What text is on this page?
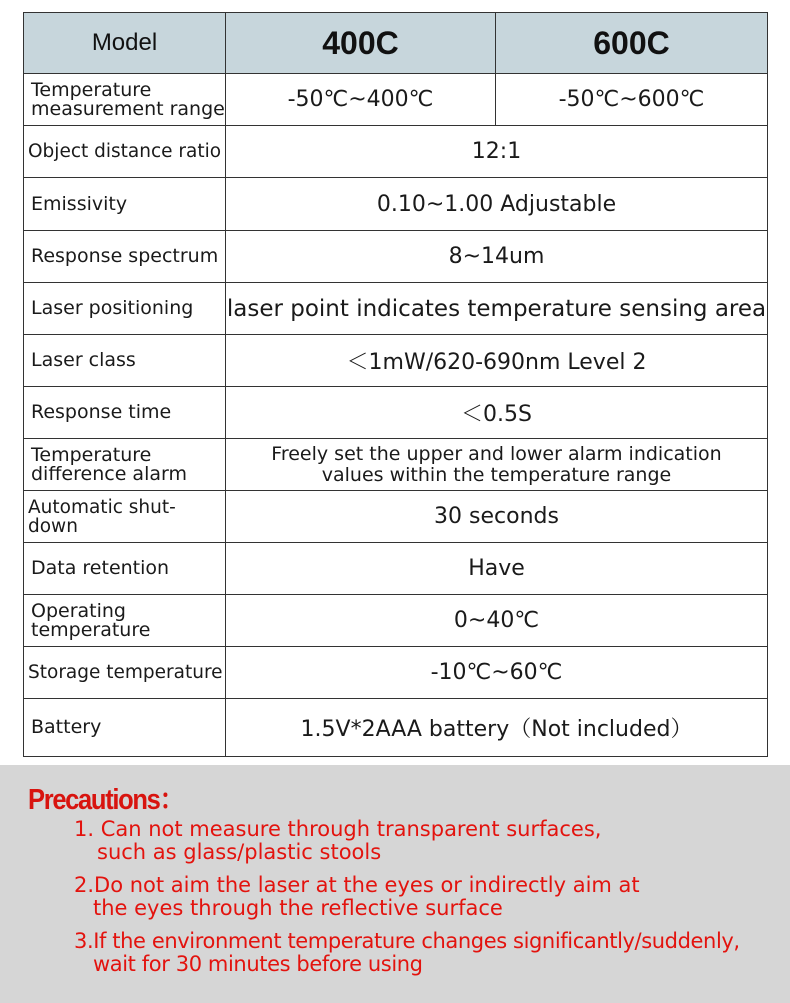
Model	400C	600C
Temperature measurement range	-50℃~400℃	-50℃~600℃
Object distance ratio	12:1	
Emissivity	0.10~1.00 Adjustable	
Response spectrum	8~14um	
Laser positioning	laser point indicates temperature sensing area	
Laser class	＜1mW/620-690nm Level 2	
Response time	＜0.5S	
Temperature difference alarm	Freely set the upper and lower alarm indication values within the temperature range	
Automatic shut-down	30 seconds	
Data retention	Have	
Operating temperature	0~40℃	
Storage temperature	-10℃~60℃	
Battery	1.5V*2AAA battery（Not included）	
Precautions：
1. Can not measure through transparent surfaces,
such as glass/plastic stools
2.Do not aim the laser at the eyes or indirectly aim at
the eyes through the reflective surface
3.If the environment temperature changes significantly/suddenly,
wait for 30 minutes before using
